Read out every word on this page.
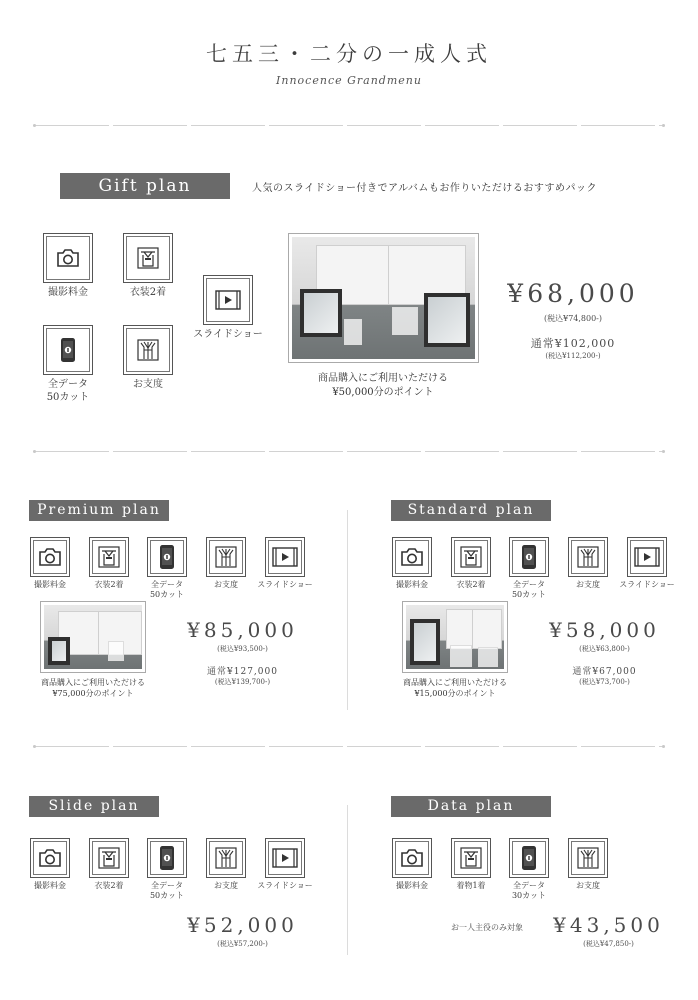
七五三・二分の一成人式
Innocence Grandmenu
Gift plan	人気のスライドショー付きでアルバムもお作りいただけるおすすめパック
撮影料金	衣装2着
スライドショー
全データ
50カット
お支度
商品購入にご利用いただける
¥50,000分のポイント
¥68,000
(税込¥74,800-)
通常¥102,000
(税込¥112,200-)
Premium plan
撮影料金	衣装2着	全データ
50カット
お支度	スライドショー
商品購入にご利用いただける
¥75,000分のポイント
¥85,000
(税込¥93,500-)
通常¥127,000
(税込¥139,700-)
Standard plan
撮影料金	衣装2着	全データ
50カット
お支度	スライドショー
商品購入にご利用いただける
¥15,000分のポイント
¥58,000
(税込¥63,800-)
通常¥67,000
(税込¥73,700-)
Slide plan
撮影料金	衣装2着	全データ
50カット
お支度	スライドショー
¥52,000
(税込¥57,200-)
Data plan
撮影料金	着物1着	全データ
30カット
お支度
お一人主役のみ対象	¥43,500
(税込¥47,850-)
